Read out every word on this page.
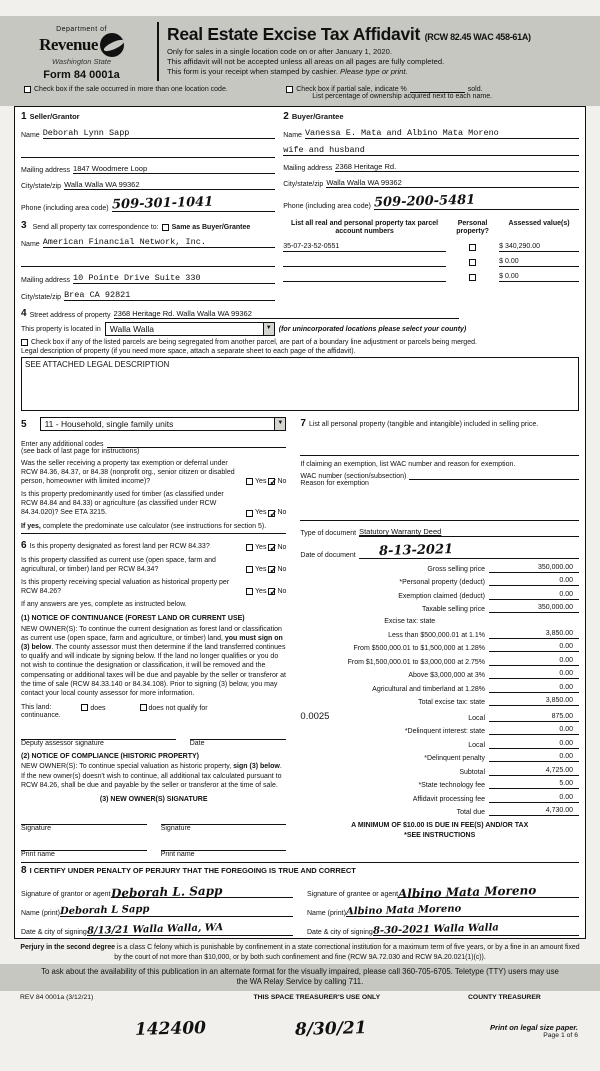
Department of
Revenue
Washington State
Form 84 0001a
Real Estate Excise Tax Affidavit (RCW 82.45 WAC 458-61A)
Only for sales in a single location code on or after January 1, 2020.
This affidavit will not be accepted unless all areas on all pages are fully completed.
This form is your receipt when stamped by cashier. Please type or print.
Check box if the sale occurred in more than one location code.	Check box if partial sale, indicate %	sold.
List percentage of ownership acquired next to each name.
1 Seller/Grantor
Name Deborah Lynn Sapp
Mailing address 1847 Woodmere Loop
City/state/zip Walla Walla WA 99362
Phone (including area code) 509-301-1041
2 Buyer/Grantee
Name Vanessa E. Mata and Albino Mata Moreno
wife and husband
Mailing address 2368 Heritage Rd.
City/state/zip Walla Walla WA 99362
Phone (including area code) 509-200-5481
3 Send all property tax correspondence to: Same as Buyer/Grantee
Name American Financial Network, Inc.
Mailing address 10 Pointe Drive Suite 330
City/state/zip Brea CA 92821
List all real and personal property tax parcel account numbers
Personal property?
Assessed value(s)
35-07-23-52-0551	$ 340,290.00
$ 0.00
$ 0.00
4 Street address of property 2368 Heritage Rd. Walla Walla WA 99362
This property is located in	Walla Walla	▼ (for unincorporated locations please select your county)
Check box if any of the listed parcels are being segregated from another parcel, are part of a boundary line adjustment or parcels being merged.
Legal description of property (if you need more space, attach a separate sheet to each page of the affidavit).
SEE ATTACHED LEGAL DESCRIPTION
5	11 - Household, single family units	▼
Enter any additional codes
(see back of last page for instructions)
Was the seller receiving a property tax exemption or deferral under RCW 84.36, 84.37, or 84.38 (nonprofit org., senior citizen or disabled person, homeowner with limited income)?	Yes ✓ No
Is this property predominantly used for timber (as classified under RCW 84.84 and 84.33) or agriculture (as classified under RCW 84.34.020)? See ETA 3215.	Yes ✓ No
If yes, complete the predominate use calculator (see instructions for section 5).
6 Is this property designated as forest land per RCW 84.33?	Yes ✓ No
Is this property classified as current use (open space, farm and agricultural, or timber) land per RCW 84.34?	Yes ✓ No
Is this property receiving special valuation as historical property per RCW 84.26?	Yes ✓ No
If any answers are yes, complete as instructed below.
(1) NOTICE OF CONTINUANCE (FOREST LAND OR CURRENT USE)
NEW OWNER(S): To continue the current designation as forest land or classification as current use (open space, farm and agriculture, or timber) land, you must sign on (3) below. The county assessor must then determine if the land transferred continues to qualify and will indicate by signing below. If the land no longer qualifies or you do not wish to continue the designation or classification, it will be removed and the compensating or additional taxes will be due and payable by the seller or transferor at the time of sale (RCW 84.33.140 or 84.34.108). Prior to signing (3) below, you may contact your local county assessor for more information.
This land:	does	does not qualify for
continuance.
Deputy assessor signature	Date
(2) NOTICE OF COMPLIANCE (HISTORIC PROPERTY)
NEW OWNER(S): To continue special valuation as historic property, sign (3) below. If the new owner(s) doesn't wish to continue, all additional tax calculated pursuant to RCW 84.26, shall be due and payable by the seller or transferor at the time of sale.
(3) NEW OWNER(S) SIGNATURE
Signature	Signature
Print name	Print name
7 List all personal property (tangible and intangible) included in selling price.
If claiming an exemption, list WAC number and reason for exemption.
WAC number (section/subsection)
Reason for exemption
Type of document Statutory Warranty Deed
Date of document	8-13-2021
Gross selling price	350,000.00
*Personal property (deduct)	0.00
Exemption claimed (deduct)	0.00
Taxable selling price	350,000.00
Excise tax: state
Less than $500,000.01 at 1.1%	3,850.00
From $500,000.01 to $1,500,000 at 1.28%	0.00
From $1,500,000.01 to $3,000,000 at 2.75%	0.00
Above $3,000,000 at 3%	0.00
Agricultural and timberland at 1.28%	0.00
Total excise tax: state	3,850.00
0.0025	Local	875.00
*Delinquent interest: state	0.00
Local	0.00
*Delinquent penalty	0.00
Subtotal	4,725.00
*State technology fee	5.00
Affidavit processing fee	0.00
Total due	4,730.00
A MINIMUM OF $10.00 IS DUE IN FEE(S) AND/OR TAX
*SEE INSTRUCTIONS
8 I CERTIFY UNDER PENALTY OF PERJURY THAT THE FOREGOING IS TRUE AND CORRECT
Signature of grantor or agent Deborah L. Sapp
Name (print) Deborah L Sapp
Date & city of signing 8/13/21 Walla Walla, WA
Signature of grantee or agent Albino Mata Moreno
Name (print) Albino Mata Moreno
Date & city of signing 8-30-2021 Walla Walla
Perjury in the second degree is a class C felony which is punishable by confinement in a state correctional institution for a maximum term of five years, or by a fine in an amount fixed by the court of not more than $10,000, or by both such confinement and fine (RCW 9A.72.030 and RCW 9A.20.021(1)(c)).
To ask about the availability of this publication in an alternate format for the visually impaired, please call 360-705-6705. Teletype (TTY) users may use the WA Relay Service by calling 711.
REV 84 0001a (3/12/21)	THIS SPACE TREASURER'S USE ONLY	COUNTY TREASURER
142400	8/30/21	Print on legal size paper.
Page 1 of 6
